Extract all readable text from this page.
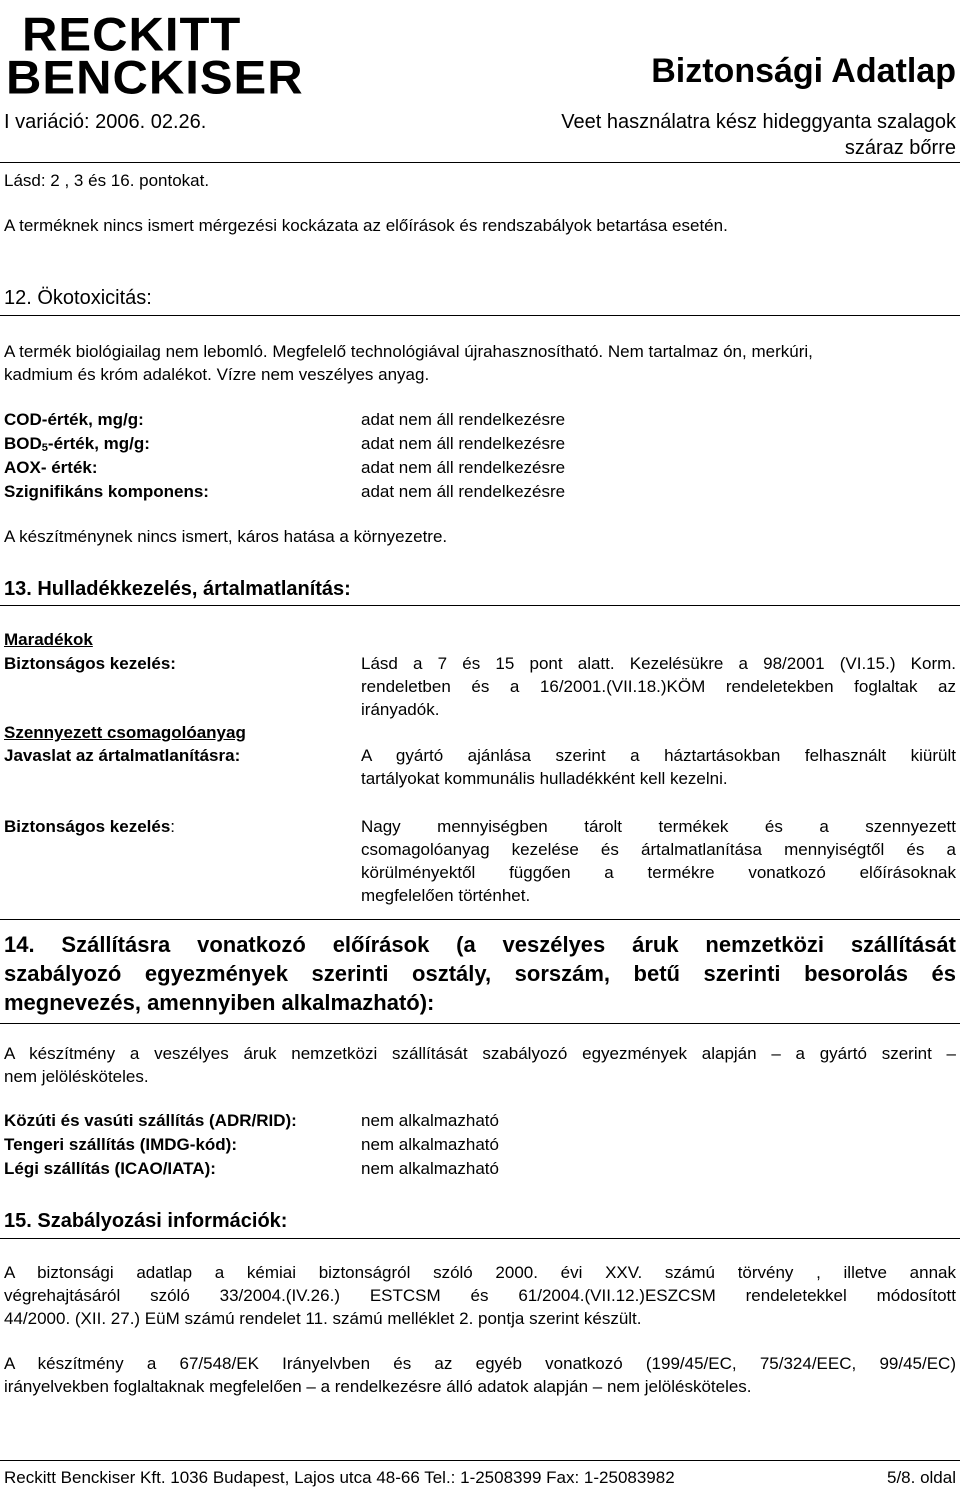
RECKITT
BENCKISER	Biztonsági Adatlap
I variáció: 2006. 02.26.	Veet használatra kész hideggyanta szalagok
száraz bőrre
Lásd: 2 , 3 és 16. pontokat.
A terméknek nincs ismert mérgezési kockázata az előírások és rendszabályok betartása esetén.
12. Ökotoxicitás:
A termék biológiailag nem lebomló. Megfelelő technológiával újrahasznosítható. Nem tartalmaz ón, merkúri,
kadmium és króm adalékot. Vízre nem veszélyes anyag.
COD-érték, mg/g:	adat nem áll rendelkezésre
$BOD_5$-érték, mg/g:	adat nem áll rendelkezésre
AOX- érték:	adat nem áll rendelkezésre
Szignifikáns komponens:	adat nem áll rendelkezésre
A készítménynek nincs ismert, káros hatása a környezetre.
13. Hulladékkezelés, ártalmatlanítás:
Maradékok
Biztonságos kezelés:	Lásd a 7 és 15 pont alatt. Kezelésükre a 98/2001 (VI.15.) Korm.
rendeletben és a 16/2001.(VII.18.)KÖM rendeletekben foglaltak az
irányadók.
Szennyezett csomagolóanyag
Javaslat az ártalmatlanításra:	A gyártó ajánlása szerint a háztartásokban felhasznált kiürült
tartályokat kommunális hulladékként kell kezelni.
Biztonságos kezelés:	Nagy mennyiségben tárolt termékek és a szennyezett
csomagolóanyag kezelése és ártalmatlanítása mennyiségtől és a
körülményektől függően a termékre vonatkozó előírásoknak
megfelelően történhet.
14. Szállításra vonatkozó előírások (a veszélyes áruk nemzetközi szállítását
szabályozó egyezmények szerinti osztály, sorszám, betű szerinti besorolás és
megnevezés, amennyiben alkalmazható):
A készítmény a veszélyes áruk nemzetközi szállítását szabályozó egyezmények alapján – a gyártó szerint –
nem jelölésköteles.
Közúti és vasúti szállítás (ADR/RID):	nem alkalmazható
Tengeri szállítás (IMDG-kód):	nem alkalmazható
Légi szállítás (ICAO/IATA):	nem alkalmazható
15. Szabályozási információk:
A biztonsági adatlap a kémiai biztonságról szóló 2000. évi XXV. számú törvény , illetve annak
végrehajtásáról szóló 33/2004.(IV.26.) ESTCSM és 61/2004.(VII.12.)ESZCSM rendeletekkel módosított
44/2000. (XII. 27.) EüM számú rendelet 11. számú melléklet 2. pontja szerint készült.
A készítmény a 67/548/EK Irányelvben és az egyéb vonatkozó (199/45/EC, 75/324/EEC, 99/45/EC)
irányelvekben foglaltaknak megfelelően – a rendelkezésre álló adatok alapján – nem jelölésköteles.
Reckitt Benckiser Kft. 1036 Budapest, Lajos utca 48-66 Tel.: 1-2508399 Fax: 1-25083982	5/8. oldal
